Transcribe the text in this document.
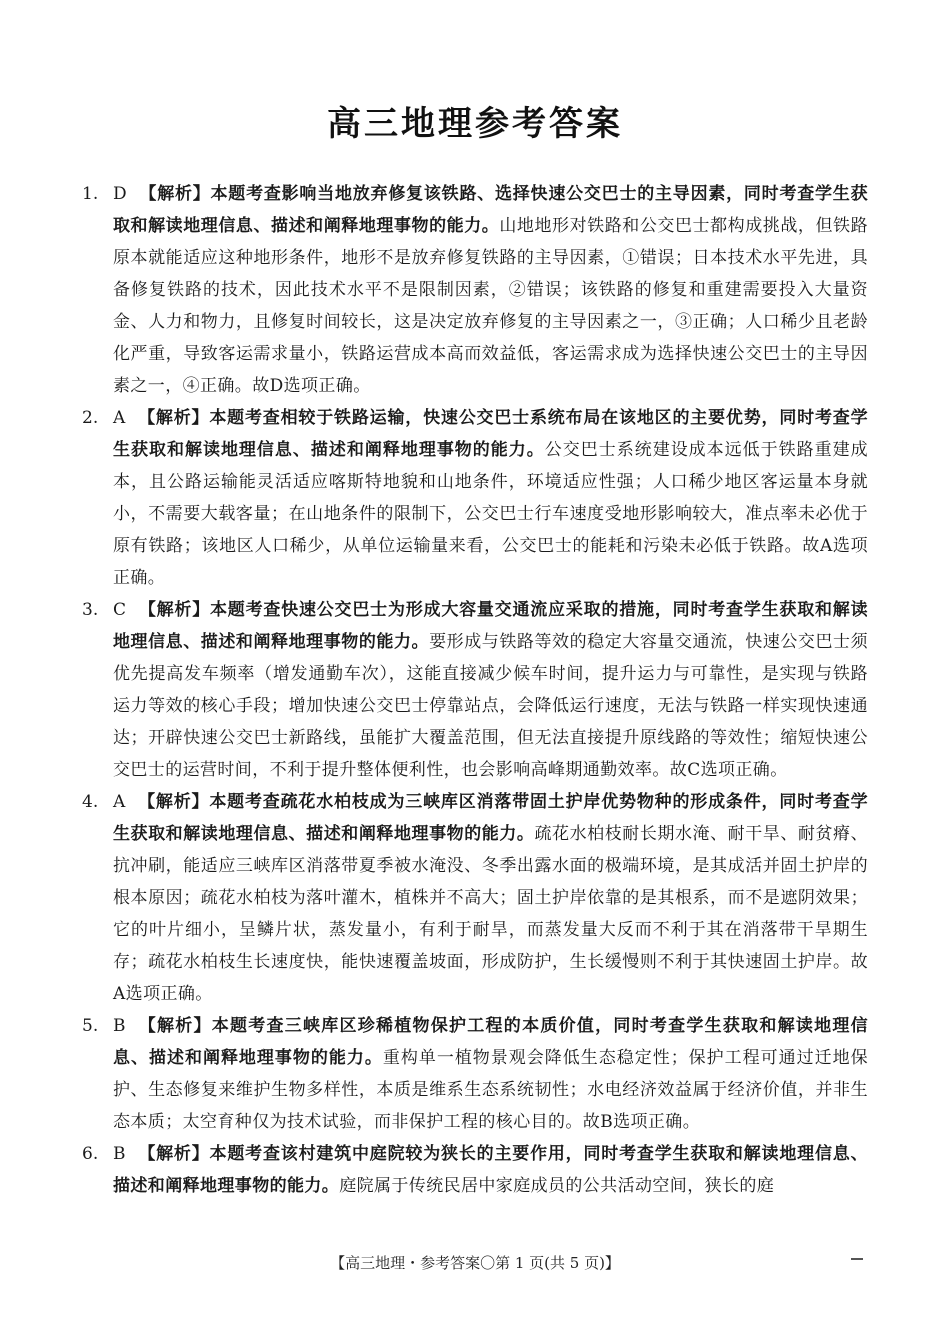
高三地理参考答案
1. D 【解析】本题考查影响当地放弃修复该铁路、选择快速公交巴士的主导因素，同时考查学生获取和解读地理信息、描述和阐释地理事物的能力。山地地形对铁路和公交巴士都构成挑战，但铁路原本就能适应这种地形条件，地形不是放弃修复铁路的主导因素，①错误；日本技术水平先进，具备修复铁路的技术，因此技术水平不是限制因素，②错误；该铁路的修复和重建需要投入大量资金、人力和物力，且修复时间较长，这是决定放弃修复的主导因素之一，③正确；人口稀少且老龄化严重，导致客运需求量小，铁路运营成本高而效益低，客运需求成为选择快速公交巴士的主导因素之一，④正确。故D选项正确。
2. A 【解析】本题考查相较于铁路运输，快速公交巴士系统布局在该地区的主要优势，同时考查学生获取和解读地理信息、描述和阐释地理事物的能力。公交巴士系统建设成本远低于铁路重建成本，且公路运输能灵活适应喀斯特地貌和山地条件，环境适应性强；人口稀少地区客运量本身就小，不需要大载客量；在山地条件的限制下，公交巴士行车速度受地形影响较大，准点率未必优于原有铁路；该地区人口稀少，从单位运输量来看，公交巴士的能耗和污染未必低于铁路。故A选项正确。
3. C 【解析】本题考查快速公交巴士为形成大容量交通流应采取的措施，同时考查学生获取和解读地理信息、描述和阐释地理事物的能力。要形成与铁路等效的稳定大容量交通流，快速公交巴士须优先提高发车频率（增发通勤车次），这能直接减少候车时间，提升运力与可靠性，是实现与铁路运力等效的核心手段；增加快速公交巴士停靠站点，会降低运行速度，无法与铁路一样实现快速通达；开辟快速公交巴士新路线，虽能扩大覆盖范围，但无法直接提升原线路的等效性；缩短快速公交巴士的运营时间，不利于提升整体便利性，也会影响高峰期通勤效率。故C选项正确。
4. A 【解析】本题考查疏花水柏枝成为三峡库区消落带固土护岸优势物种的形成条件，同时考查学生获取和解读地理信息、描述和阐释地理事物的能力。疏花水柏枝耐长期水淹、耐干旱、耐贫瘠、抗冲刷，能适应三峡库区消落带夏季被水淹没、冬季出露水面的极端环境，是其成活并固土护岸的根本原因；疏花水柏枝为落叶灌木，植株并不高大；固土护岸依靠的是其根系，而不是遮阴效果；它的叶片细小，呈鳞片状，蒸发量小，有利于耐旱，而蒸发量大反而不利于其在消落带干旱期生存；疏花水柏枝生长速度快，能快速覆盖坡面，形成防护，生长缓慢则不利于其快速固土护岸。故A选项正确。
5. B 【解析】本题考查三峡库区珍稀植物保护工程的本质价值，同时考查学生获取和解读地理信息、描述和阐释地理事物的能力。重构单一植物景观会降低生态稳定性；保护工程可通过迁地保护、生态修复来维护生物多样性，本质是维系生态系统韧性；水电经济效益属于经济价值，并非生态本质；太空育种仅为技术试验，而非保护工程的核心目的。故B选项正确。
6. B 【解析】本题考查该村建筑中庭院较为狭长的主要作用，同时考查学生获取和解读地理信息、描述和阐释地理事物的能力。庭院属于传统民居中家庭成员的公共活动空间，狭长的庭
【高三地理・参考答案〇第 1 页(共 5 页)】
